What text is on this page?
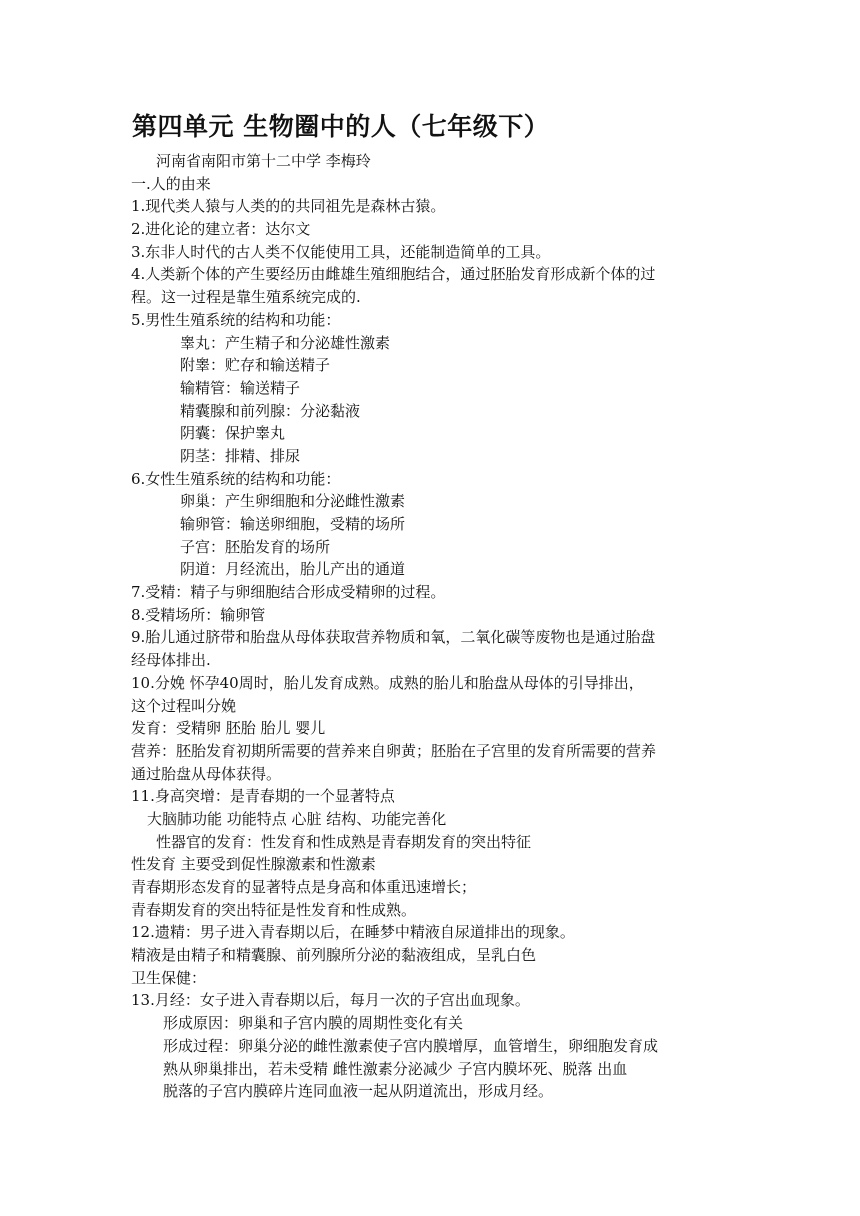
第四单元 生物圈中的人（七年级下）
河南省南阳市第十二中学 李梅玲
一.人的由来
1.现代类人猿与人类的的共同祖先是森林古猿。
2.进化论的建立者：达尔文
3.东非人时代的古人类不仅能使用工具，还能制造简单的工具。
4.人类新个体的产生要经历由雌雄生殖细胞结合，通过胚胎发育形成新个体的过
程。这一过程是靠生殖系统完成的.
5.男性生殖系统的结构和功能：
睾丸：产生精子和分泌雄性激素
附睾：贮存和输送精子
输精管：输送精子
精囊腺和前列腺：分泌黏液
阴囊：保护睾丸
阴茎：排精、排尿
6.女性生殖系统的结构和功能：
卵巢：产生卵细胞和分泌雌性激素
输卵管：输送卵细胞，受精的场所
子宫：胚胎发育的场所
阴道：月经流出，胎儿产出的通道
7.受精：精子与卵细胞结合形成受精卵的过程。
8.受精场所：输卵管
9.胎儿通过脐带和胎盘从母体获取营养物质和氧，二氧化碳等废物也是通过胎盘
经母体排出.
10.分娩 怀孕40周时，胎儿发育成熟。成熟的胎儿和胎盘从母体的引导排出，
这个过程叫分娩
发育：受精卵 胚胎 胎儿 婴儿
营养：胚胎发育初期所需要的营养来自卵黄；胚胎在子宫里的发育所需要的营养
通过胎盘从母体获得。
11.身高突增：是青春期的一个显著特点
大脑肺功能 功能特点 心脏 结构、功能完善化
性器官的发育：性发育和性成熟是青春期发育的突出特征
性发育 主要受到促性腺激素和性激素
青春期形态发育的显著特点是身高和体重迅速增长；
青春期发育的突出特征是性发育和性成熟。
12.遗精：男子进入青春期以后，在睡梦中精液自尿道排出的现象。
精液是由精子和精囊腺、前列腺所分泌的黏液组成，呈乳白色
卫生保健：
13.月经：女子进入青春期以后，每月一次的子宫出血现象。
形成原因：卵巢和子宫内膜的周期性变化有关
形成过程：卵巢分泌的雌性激素使子宫内膜增厚，血管增生，卵细胞发育成
熟从卵巢排出，若未受精 雌性激素分泌减少 子宫内膜坏死、脱落 出血
脱落的子宫内膜碎片连同血液一起从阴道流出，形成月经。
